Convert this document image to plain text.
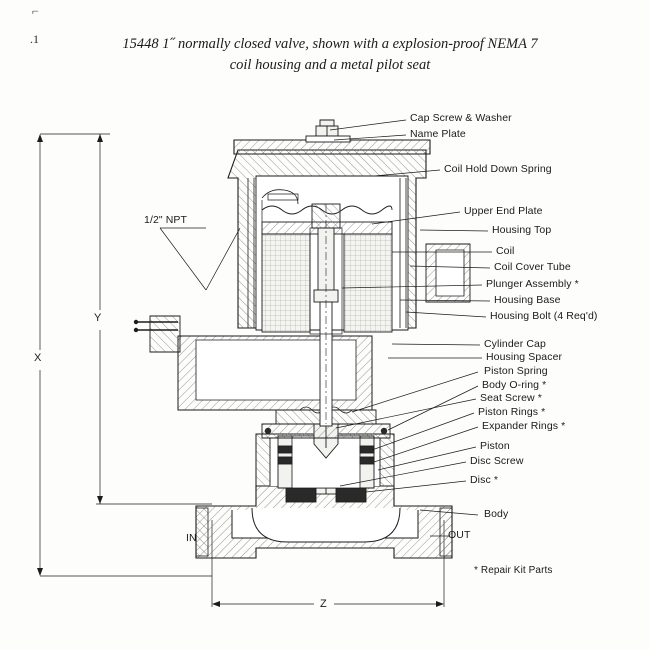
⌐
.1	15448 1˝ normally closed valve, shown with a explosion-proof NEMA 7
coil housing and a metal pilot seat
Cap Screw & Washer
Name Plate
Coil Hold Down Spring
Upper End Plate
Housing Top
Coil
Coil Cover Tube
Plunger Assembly *
Housing Base
Housing Bolt (4 Req'd)
Cylinder Cap
Housing Spacer
Piston Spring
Body O-ring *
Seat Screw *
Piston Rings *
Expander Rings *
Piston
Disc Screw
Disc *
Body
OUT
1/2" NPT
IN
X
Y
Z
* Repair Kit Parts
